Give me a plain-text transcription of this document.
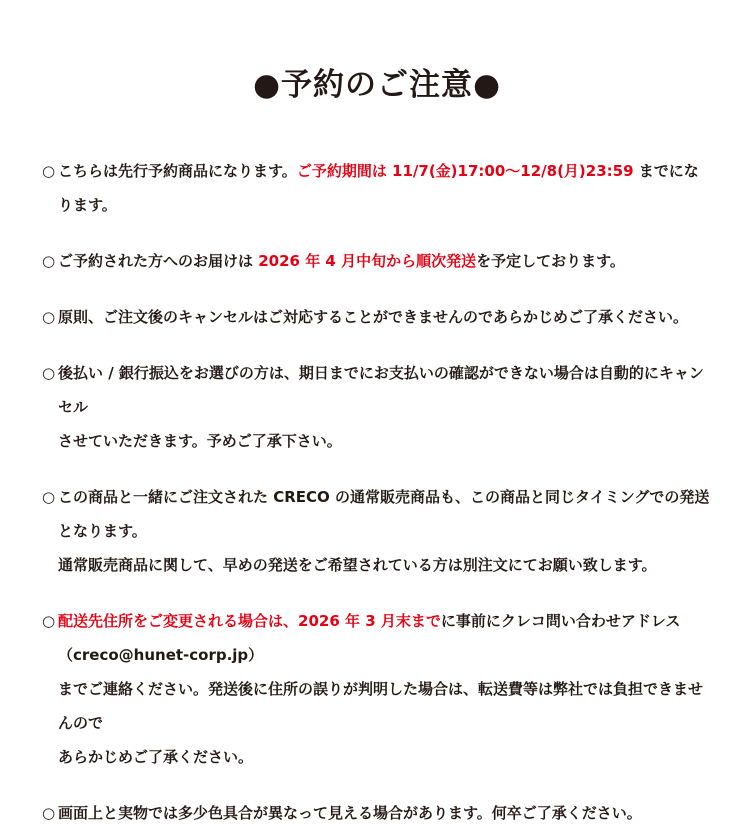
●予約のご注意●
○ こちらは先行予約商品になります。ご予約期間は 11/7(金)17:00～12/8(月)23:59 までになります。
○ ご予約された方へのお届けは 2026 年 4 月中旬から順次発送を予定しております。
○ 原則、ご注文後のキャンセルはご対応することができませんのであらかじめご了承ください。
○ 後払い / 銀行振込をお選びの方は、期日までにお支払いの確認ができない場合は自動的にキャンセル
させていただきます。予めご了承下さい。
○ この商品と一緒にご注文された CRECO の通常販売商品も、この商品と同じタイミングでの発送となります。
通常販売商品に関して、早めの発送をご希望されている方は別注文にてお願い致します。
○ 配送先住所をご変更される場合は、2026 年 3 月末までに事前にクレコ問い合わせアドレス（creco@hunet-corp.jp）
までご連絡ください。発送後に住所の誤りが判明した場合は、転送費等は弊社では負担できませんので
あらかじめご了承ください。
○ 画面上と実物では多少色具合が異なって見える場合があります。何卒ご了承ください。
